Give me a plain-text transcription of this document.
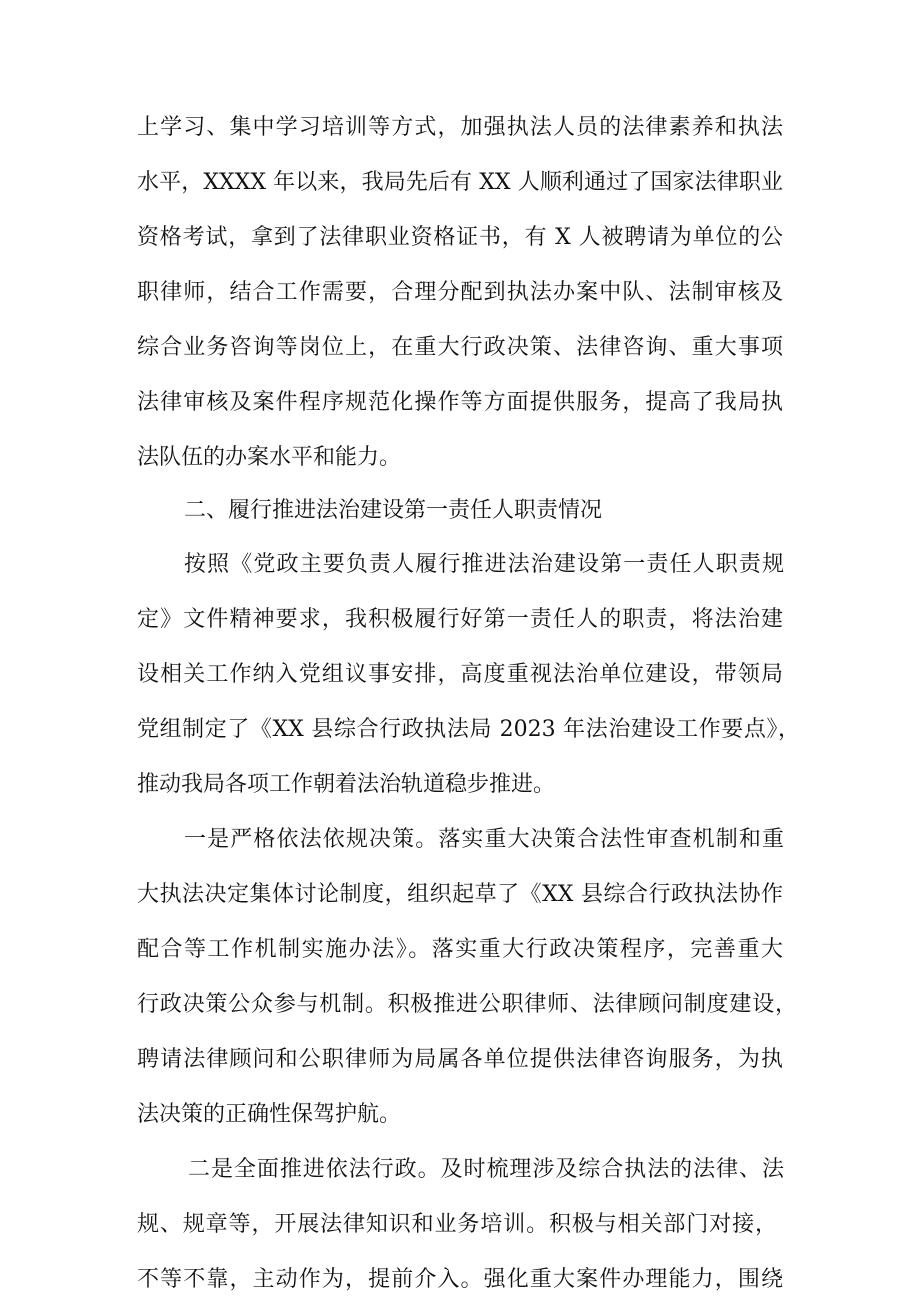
上学习、集中学习培训等方式，加强执法人员的法律素养和执法
水平，XXXX 年以来，我局先后有 XX 人顺利通过了国家法律职业
资格考试，拿到了法律职业资格证书，有 X 人被聘请为单位的公
职律师，结合工作需要，合理分配到执法办案中队、法制审核及
综合业务咨询等岗位上，在重大行政决策、法律咨询、重大事项
法律审核及案件程序规范化操作等方面提供服务，提高了我局执
法队伍的办案水平和能力。
二、履行推进法治建设第一责任人职责情况
按照《党政主要负责人履行推进法治建设第一责任人职责规
定》文件精神要求，我积极履行好第一责任人的职责，将法治建
设相关工作纳入党组议事安排，高度重视法治单位建设，带领局
党组制定了《XX 县综合行政执法局 2023 年法治建设工作要点》，
推动我局各项工作朝着法治轨道稳步推进。
一是严格依法依规决策。落实重大决策合法性审查机制和重
大执法决定集体讨论制度，组织起草了《XX 县综合行政执法协作
配合等工作机制实施办法》。落实重大行政决策程序，完善重大
行政决策公众参与机制。积极推进公职律师、法律顾问制度建设，
聘请法律顾问和公职律师为局属各单位提供法律咨询服务，为执
法决策的正确性保驾护航。
二是全面推进依法行政。及时梳理涉及综合执法的法律、法
规、规章等，开展法律知识和业务培训。积极与相关部门对接，
不等不靠，主动作为，提前介入。强化重大案件办理能力，围绕
